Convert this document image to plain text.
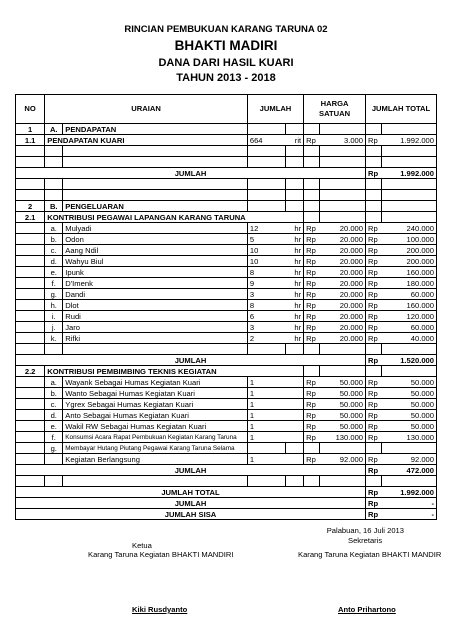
RINCIAN PEMBUKUAN KARANG TARUNA 02
BHAKTI MADIRI
DANA DARI HASIL KUARI
TAHUN 2013 - 2018
NO	URAIAN		JUMLAH		HARGA SATUAN		JUMLAH TOTAL	
1	A.	PENDAPATAN						
1.1	PENDAPATAN KUARI		664	rit	Rp	3.000	Rp	1.992.000

JUMLAH							Rp	1.992.000

2	B.	PENGELUARAN						
2.1	KONTRIBUSI PEGAWAI LAPANGAN KARANG TARUNA							
	a.	Mulyadi	12	hr	Rp	20.000	Rp	240.000
	b.	Odon	5	hr	Rp	20.000	Rp	100.000
	c.	Aang Ndil	10	hr	Rp	20.000	Rp	200.000
	d.	Wahyu Biul	10	hr	Rp	20.000	Rp	200.000
	e.	Ipunk	8	hr	Rp	20.000	Rp	160.000
	f.	D'Imenk	9	hr	Rp	20.000	Rp	180.000
	g.	Dandi	3	hr	Rp	20.000	Rp	60.000
	h.	Dlot	8	hr	Rp	20.000	Rp	160.000
	i.	Rudi	6	hr	Rp	20.000	Rp	120.000
	j.	Jaro	3	hr	Rp	20.000	Rp	60.000
	k.	Rifki	2	hr	Rp	20.000	Rp	40.000

JUMLAH							Rp	1.520.000
2.2	KONTRIBUSI PEMBIMBING TEKNIS KEGIATAN							
	a.	Wayank Sebagai Humas Kegiatan Kuari	1		Rp	50.000	Rp	50.000
	b.	Wanto Sebagai Humas Kegiatan Kuari	1		Rp	50.000	Rp	50.000
	c.	Ygrex Sebagai Humas Kegiatan Kuari	1		Rp	50.000	Rp	50.000
	d.	Anto Sebagai Humas Kegiatan Kuari	1		Rp	50.000	Rp	50.000
	e.	Wakil RW Sebagai Humas Kegiatan Kuari	1		Rp	50.000	Rp	50.000
	f.	Konsumsi Acara Rapat Pembukuan Kegiatan Karang Taruna	1		Rp	130.000	Rp	130.000
	g.	Membayar Hutang Piutang Pegawai Karang Taruna Selama						
		Kegiatan Berlangsung	1		Rp	92.000	Rp	92.000
JUMLAH							Rp	472.000

JUMLAH TOTAL							Rp	1.992.000
JUMLAH							Rp	-
JUMLAH SISA							Rp	-
Palabuan, 16 Juli 2013
Ketua
Sekretaris
Karang Taruna Kegiatan BHAKTI MANDIRI	Karang Taruna Kegiatan BHAKTI MANDIR
Kiki Rusdyanto	Anto Prihartono
